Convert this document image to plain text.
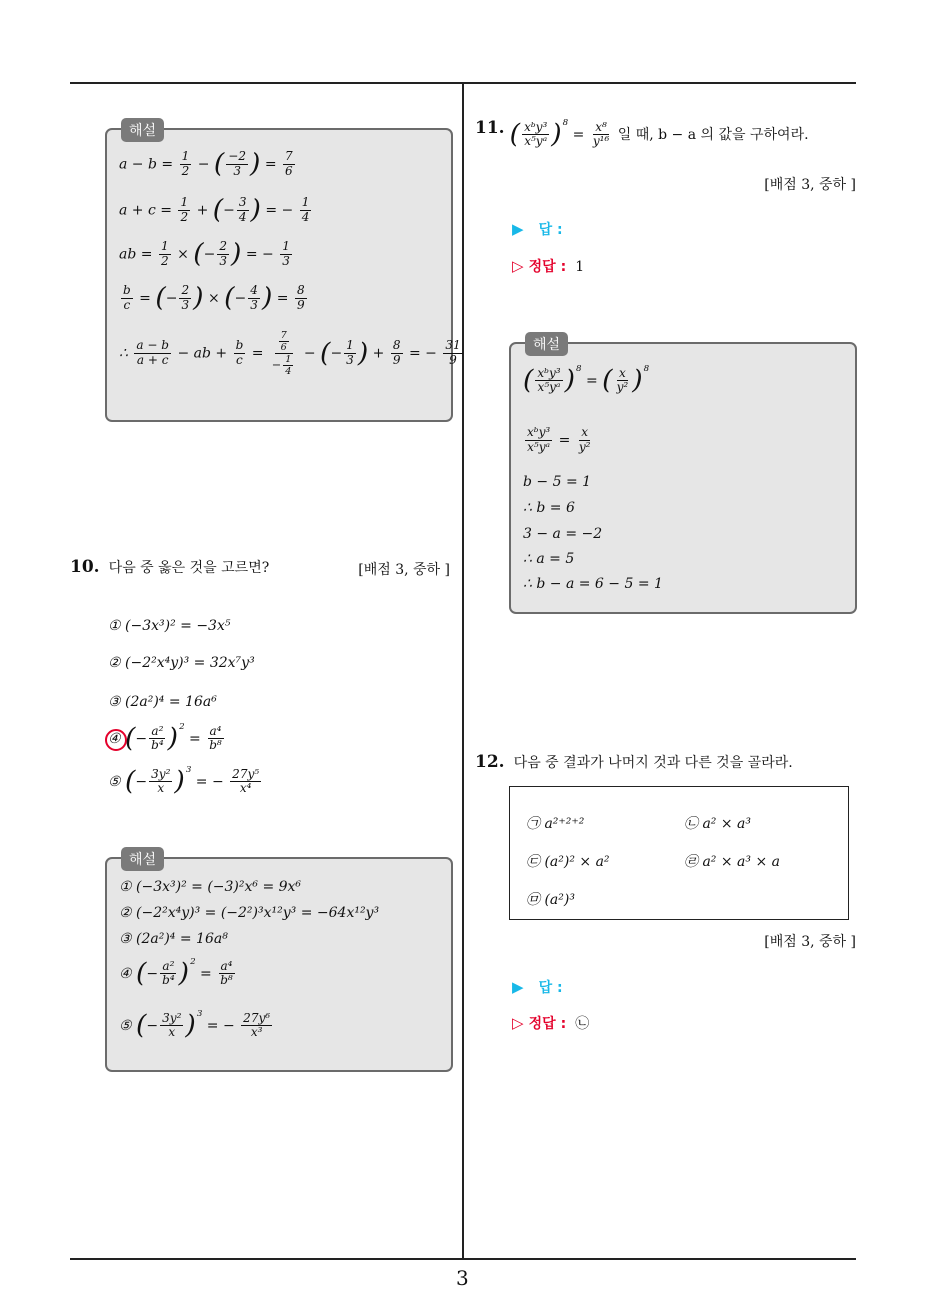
해설
$a - b = \frac{1}{2}$ − ( $\frac{-2}{3}$ ) = $\frac{7}{6}$
$a + c = \frac{1}{2}$ + (− $\frac{3}{4}$ ) = − $\frac{1}{4}$
ab = $\frac{1}{2}$ × (− $\frac{2}{3}$ ) = − $\frac{1}{3}$
$\frac{b}{c}$ = (− $\frac{2}{3}$ ) × (− $\frac{4}{3}$ ) = $\frac{8}{9}$
∴ $\frac{a - b}{a + c}$ − ab + $\frac{b}{c} = \frac{\frac{7}{6}}{- \frac{1}{4}}$ − (− $\frac{1}{3}$ ) + $\frac{8}{9}$ = − $\frac{31}{9}$
10. 다음 중 옳은 것을 고르면?	[배점 3, 중하 ]
① (−3x³)² = −3x⁵
② (−2²x⁴y)³ = 32x⁷y³
③ (2a²)⁴ = 16a⁶
④ (− $\frac{\text{a²}}{\text{b⁴}} )^2 = \frac{\text{a⁴}}{\text{b⁸}}$
⑤ (− $\frac{\text{3y²}}{x} )^3$ = − $\frac{\text{27y⁵}}{\text{x⁴}}$
해설
① (−3x³)² = (−3)²x⁶ = 9x⁶
② (−2²x⁴y)³ = (−2²)³x¹²y³ = −64x¹²y³
③ (2a²)⁴ = 16a⁸
④ (− $\frac{\text{a²}}{\text{b⁴}} )^2 = \frac{\text{a⁴}}{\text{b⁸}}$
⑤ (− $\frac{\text{3y²}}{x} )^3$ = − $\frac{\text{27y⁶}}{\text{x³}}$
11. ( $\frac{\text{xᵇy³}}{\text{x⁵yᵃ}} )^8 = \frac{\text{x⁸}}{\text{y¹⁶}}$ 일 때, b − a 의 값을 구하여라.
[배점 3, 중하 ]
▶ 답 :
▷ 정답 : 1
해설
( $\frac{\text{xᵇy³}}{\text{x⁵yᵃ}} )^8$ = ( $\frac{x}{\text{y²}} )^8$
$\frac{\text{xᵇy³}}{\text{x⁵yᵃ}} = \frac{x}{\text{y²}}$
b − 5 = 1
∴ b = 6
3 − a = −2
∴ a = 5
∴ b − a = 6 − 5 = 1
12. 다음 중 결과가 나머지 것과 다른 것을 골라라.
㉠ a²⁺²⁺²	㉡ a² × a³
㉢ (a²)² × a²	㉣ a² × a³ × a
㉤ (a²)³
[배점 3, 중하 ]
▶ 답 :
▷ 정답 : ㉡
3
